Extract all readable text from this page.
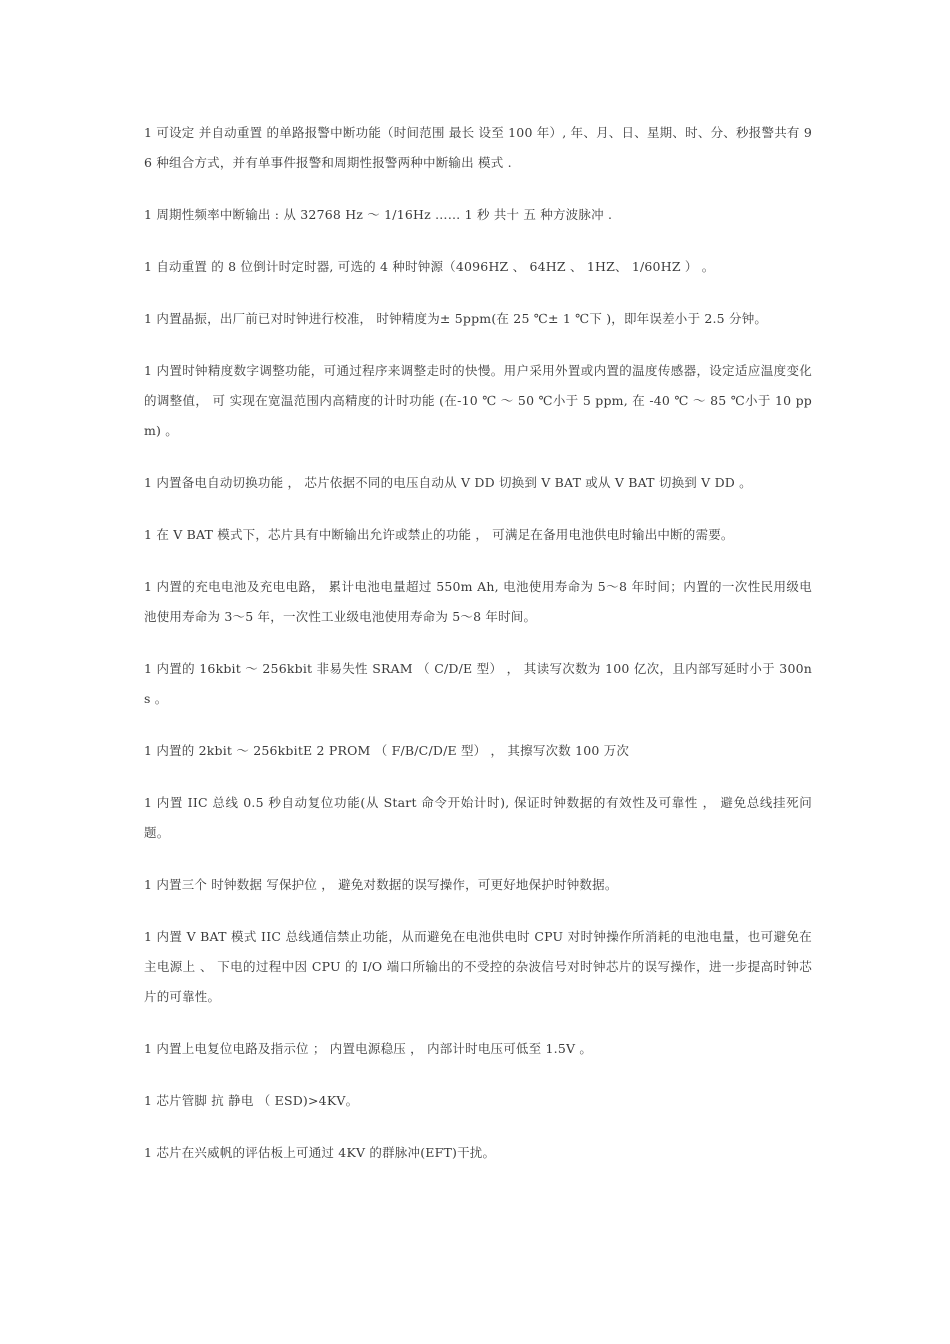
1 可设定 并自动重置 的单路报警中断功能（时间范围 最长 设至 100 年）, 年、月、日、星期、时、分、秒报警共有 96 种组合方式，并有单事件报警和周期性报警两种中断输出 模式 .

1 周期性频率中断输出 : 从 32768 Hz ～ 1/16Hz …… 1 秒 共十 五 种方波脉冲 .

1 自动重置 的 8 位倒计时定时器, 可选的 4 种时钟源（4096HZ 、 64HZ 、 1HZ、 1/60HZ ） 。

1 内置晶振，出厂前已对时钟进行校准， 时钟精度为± 5ppm(在 25 ℃± 1 ℃下 )，即年误差小于 2.5 分钟。

1 内置时钟精度数字调整功能，可通过程序来调整走时的快慢。用户采用外置或内置的温度传感器，设定适应温度变化的调整值， 可 实现在宽温范围内高精度的计时功能 (在-10 ℃ ～ 50 ℃小于 5 ppm, 在 -40 ℃ ～ 85 ℃小于 10 ppm) 。

1 内置备电自动切换功能 ， 芯片依据不同的电压自动从 V DD 切换到 V BAT 或从 V BAT 切换到 V DD 。

1 在 V BAT 模式下，芯片具有中断输出允许或禁止的功能 ， 可满足在备用电池供电时输出中断的需要。

1 内置的充电电池及充电电路， 累计电池电量超过 550m Ah, 电池使用寿命为 5～8 年时间；内置的一次性民用级电池使用寿命为 3～5 年，一次性工业级电池使用寿命为 5～8 年时间。

1 内置的 16kbit ～ 256kbit 非易失性 SRAM （ C/D/E 型） ， 其读写次数为 100 亿次，且内部写延时小于 300ns 。

1 内置的 2kbit ～ 256kbitE 2 PROM （ F/B/C/D/E 型） ， 其擦写次数 100 万次

1 内置 IIC 总线 0.5 秒自动复位功能(从 Start 命令开始计时), 保证时钟数据的有效性及可靠性 ， 避免总线挂死问题。

1 内置三个 时钟数据 写保护位 ， 避免对数据的误写操作，可更好地保护时钟数据。

1 内置 V BAT 模式 IIC 总线通信禁止功能，从而避免在电池供电时 CPU 对时钟操作所消耗的电池电量，也可避免在主电源上 、 下电的过程中因 CPU 的 I/O 端口所输出的不受控的杂波信号对时钟芯片的误写操作，进一步提高时钟芯片的可靠性。

1 内置上电复位电路及指示位 ； 内置电源稳压 ， 内部计时电压可低至 1.5V 。

1 芯片管脚 抗 静电 （ ESD)>4KV。

1 芯片在兴威帆的评估板上可通过 4KV 的群脉冲(EFT)干扰。
